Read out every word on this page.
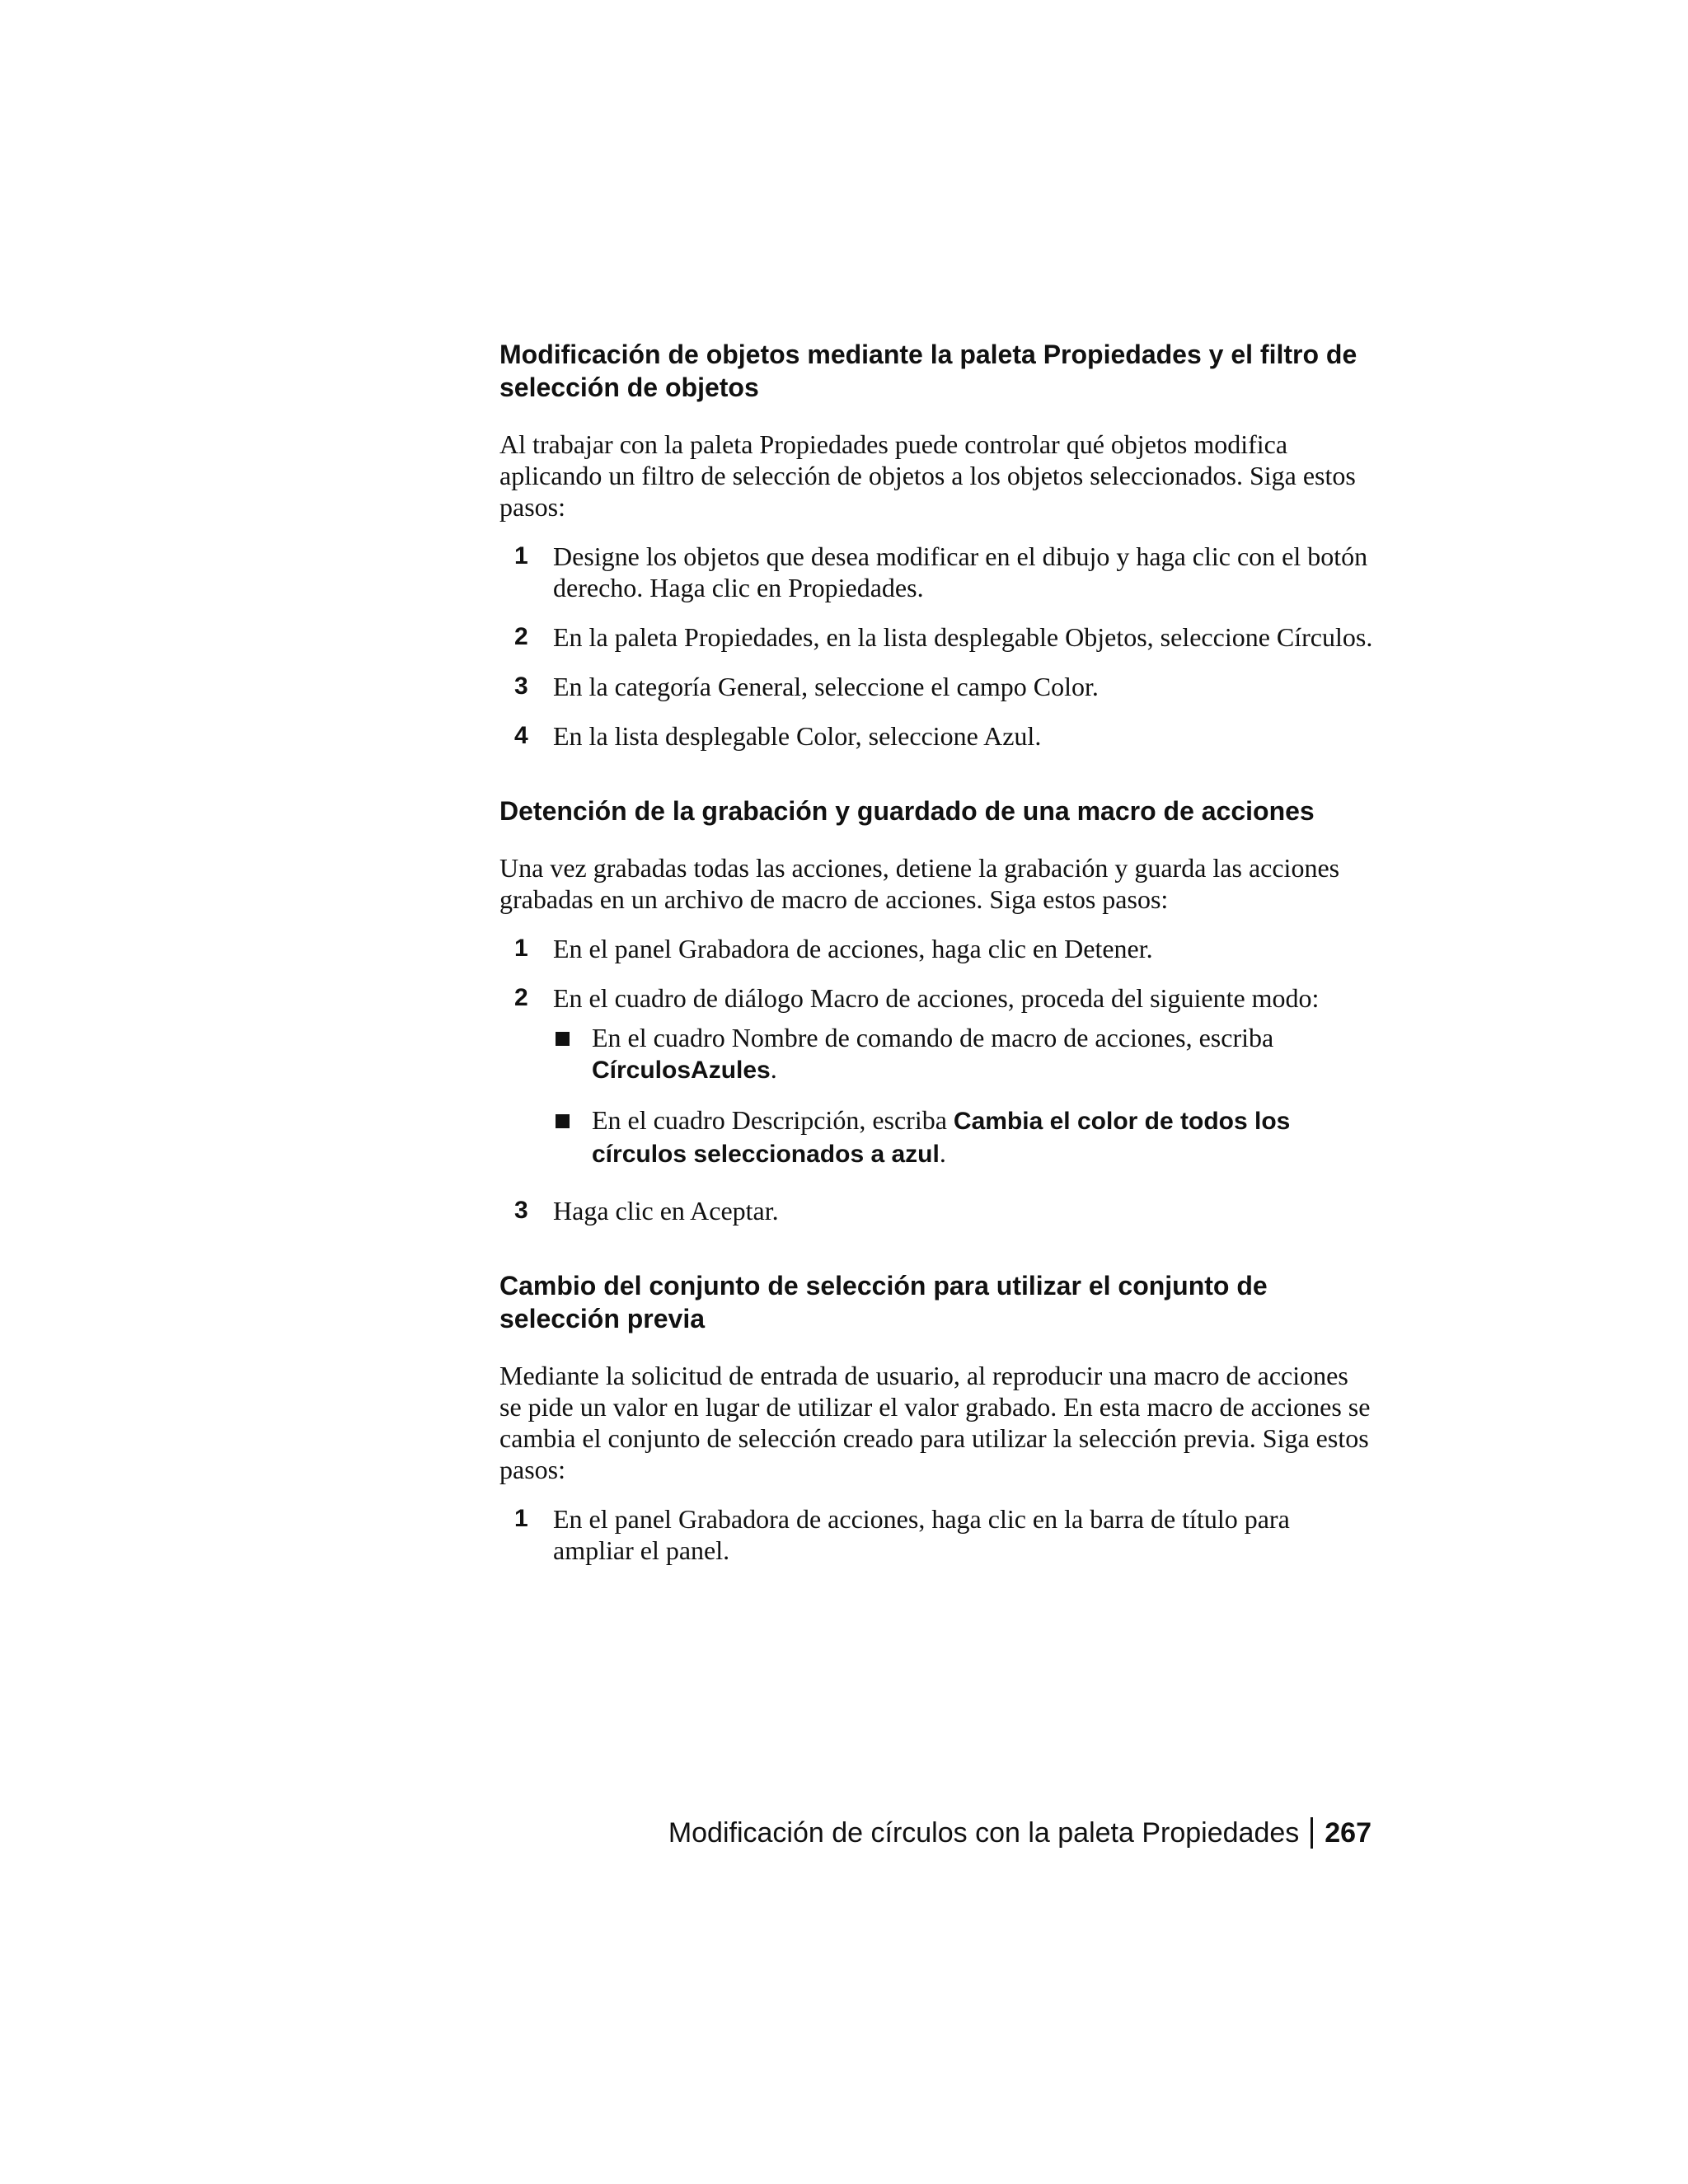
Modificación de objetos mediante la paleta Propiedades y el filtro de selección de objetos

Al trabajar con la paleta Propiedades puede controlar qué objetos modifica aplicando un filtro de selección de objetos a los objetos seleccionados. Siga estos pasos:

1 Designe los objetos que desea modificar en el dibujo y haga clic con el botón derecho. Haga clic en Propiedades.
2 En la paleta Propiedades, en la lista desplegable Objetos, seleccione Círculos.
3 En la categoría General, seleccione el campo Color.
4 En la lista desplegable Color, seleccione Azul.
Detención de la grabación y guardado de una macro de acciones

Una vez grabadas todas las acciones, detiene la grabación y guarda las acciones grabadas en un archivo de macro de acciones. Siga estos pasos:

1 En el panel Grabadora de acciones, haga clic en Detener.
2 En el cuadro de diálogo Macro de acciones, proceda del siguiente modo:
En el cuadro Nombre de comando de macro de acciones, escriba CírculosAzules.
En el cuadro Descripción, escriba Cambia el color de todos los círculos seleccionados a azul.
3 Haga clic en Aceptar.
Cambio del conjunto de selección para utilizar el conjunto de selección previa

Mediante la solicitud de entrada de usuario, al reproducir una macro de acciones se pide un valor en lugar de utilizar el valor grabado. En esta macro de acciones se cambia el conjunto de selección creado para utilizar la selección previa. Siga estos pasos:

1 En el panel Grabadora de acciones, haga clic en la barra de título para ampliar el panel.
Modificación de círculos con la paleta Propiedades 267
